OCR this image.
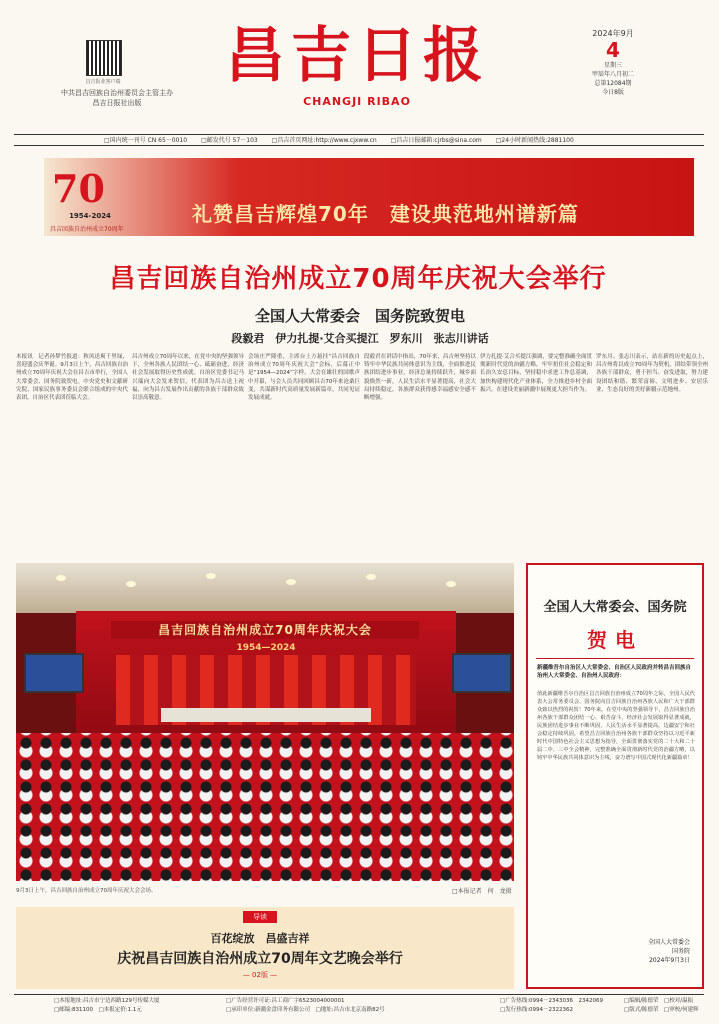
昌吉报业客户端
中共昌吉回族自治州委员会主管主办
昌吉日报社出版
昌吉日报
CHANGJI RIBAO
2024年9月
4
星期三
甲辰年八月初二
总第12084期
今日8版
□国内统一刊号 CN 65－0010 □邮发代号 57－103 □昌吉首页网址:http://www.cjxww.cn □昌吉日报邮箱:cjrbs@sina.com □24小时新闻热线:2881100
70
1954-2024
昌吉回族自治州成立70周年
礼赞昌吉辉煌70年　建设典范地州谱新篇
昌吉回族自治州成立70周年庆祝大会举行
全国人大常委会　国务院致贺电
段毅君　伊力扎提·艾合买提江　罗东川　张志川讲话

本报讯　记者孙梦竹报道：秋风送爽千里绿，喜迎盛会庆华诞。9月3日上午，昌吉回族自治州成立70周年庆祝大会在昌吉市举行，全国人大常委会、国务院致贺电。中央党史和文献研究院、国家民族事务委员会联合组成的中央代表团，自治区代表团莅临大会。

昌吉州成立70周年以来，在党中央的坚强领导下，全州各族人民团结一心、砥砺奋进，经济社会发展取得历史性成就。自治区党委书记马兴瑞向大会发来贺信，代表团为昌吉送上祝福，向为昌吉发展作出贡献的各族干部群众致以崇高敬意。

会场庄严隆重，主席台上方悬挂“昌吉回族自治州成立70周年庆祝大会”会标，后幕正中是“1954—2024”字样。大会在雄壮的国歌声中开幕，与会人员共同回顾昌吉70年来沧桑巨变，共谋新时代高质量发展新篇章，共同见证发展成就。

段毅君在讲话中指出，70年来，昌吉州坚持以铸牢中华民族共同体意识为主线，全面推进民族团结进步事业，经济总量持续跃升，城乡面貌焕然一新，人民生活水平显著提高，社会大局持续稳定，各族群众获得感幸福感安全感不断增强。

伊力扎提·艾合买提江强调，要完整准确全面贯彻新时代党的治疆方略，牢牢扭住社会稳定和长治久安总目标，坚持稳中求进工作总基调，加快构建现代化产业体系，全力推进乡村全面振兴，在建设美丽新疆中展现更大担当作为。

罗东川、张志川表示，站在新的历史起点上，昌吉州将以成立70周年为契机，团结带领全州各族干部群众，勇于担当、奋发进取，努力建设团结和谐、繁荣富裕、文明进步、安居乐业、生态良好的美好新疆示范地州。

昌吉回族自治州成立70周年庆祝大会
1954—2024
9月3日上午，昌吉回族自治州成立70周年庆祝大会会场。	□本报记者　何　龙摄
全国人大常委会、国务院
贺电
新疆维吾尔自治区人大常委会、自治区人民政府并转昌吉回族自治州人大常委会、自治州人民政府：
值此新疆维吾尔自治区昌吉回族自治州成立70周年之际，全国人民代表大会常务委员会、国务院向昌吉回族自治州各族人民和广大干部群众致以热烈的祝贺！70年来，在党中央的坚强领导下，昌吉回族自治州各族干部群众团结一心、艰苦奋斗，经济社会发展取得显著成就，民族团结进步事业不断巩固，人民生活水平显著提高，边疆安宁和社会稳定持续巩固。希望昌吉回族自治州各族干部群众坚持以习近平新时代中国特色社会主义思想为指导，全面贯彻落实党的二十大和二十届二中、三中全会精神，完整准确全面贯彻新时代党的治疆方略，以铸牢中华民族共同体意识为主线，奋力谱写中国式现代化新疆篇章！
全国人大常委会
国务院
2024年9月3日
导读
百花绽放　昌盛吉祥
庆祝昌吉回族自治州成立70周年文艺晚会举行
— 02版 —
□本报地址:昌吉市宁边西路129号传媒大厦
□邮编:831100　□本报定价:1.1元
□广告经营许可证:昌工商广字6523004000001
□承印单位:新疆金盘印务有限公司　□地址:昌吉市北京南路82号
□广告热线:0994－2343036　2342069
□发行热线:0994－2322362
□编辑/陈德荣　□校对/温振
□版式/陈德荣　□审校/何建辉
